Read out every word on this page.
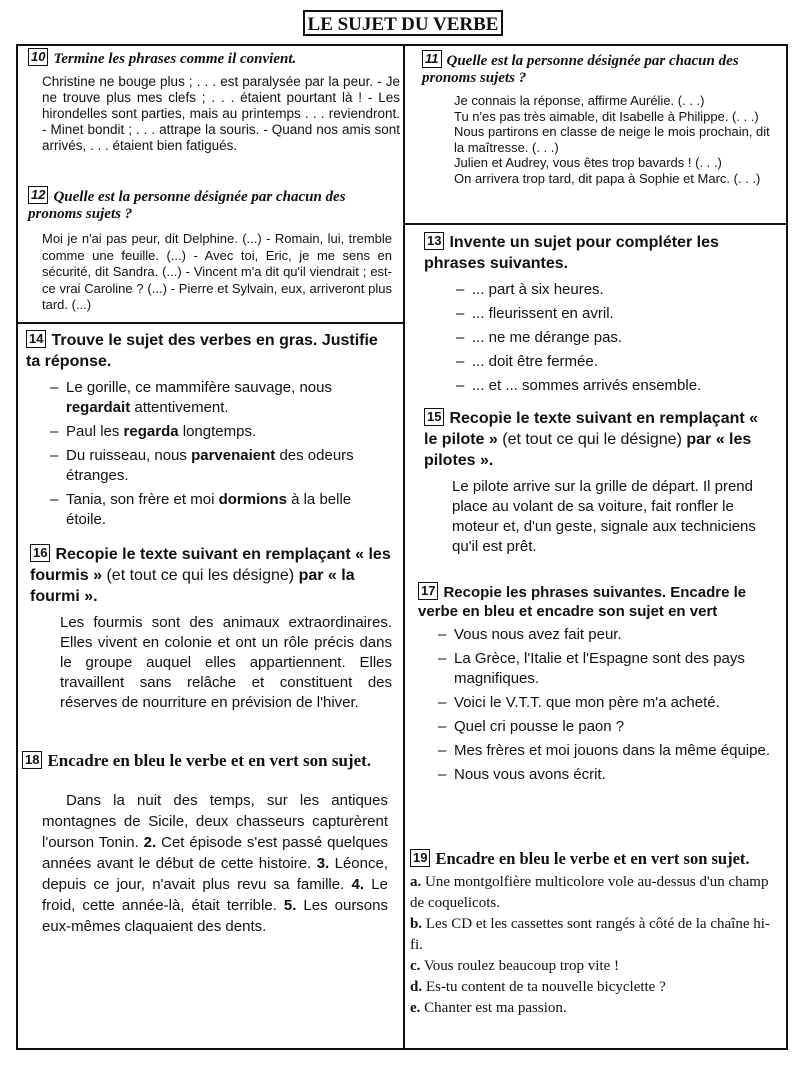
LE SUJET DU VERBE
10 Termine les phrases comme il convient.

Christine ne bouge plus ; . . . est paralysée par la peur. - Je ne trouve plus mes clefs ; . . . étaient pourtant là ! - Les hirondelles sont parties, mais au printemps . . . reviendront. - Minet bondit ; . . . attrape la souris. - Quand nos amis sont arrivés, . . . étaient bien fatigués.

12 Quelle est la personne désignée par chacun des pronoms sujets ?

Moi je n'ai pas peur, dit Delphine. (...) - Romain, lui, tremble comme une feuille. (...) - Avec toi, Eric, je me sens en sécurité, dit Sandra. (...) - Vincent m'a dit qu'il viendrait ; est-ce vrai Caroline ? (...) - Pierre et Sylvain, eux, arriveront plus tard. (...)

11 Quelle est la personne désignée par chacun des pronoms sujets ?

Je connais la réponse, affirme Aurélie. (. . .)

Tu n'es pas très aimable, dit Isabelle à Philippe. (. . .)

Nous partirons en classe de neige le mois prochain, dit la maîtresse. (. . .)

Julien et Audrey, vous êtes trop bavards ! (. . .)

On arrivera trop tard, dit papa à Sophie et Marc. (. . .)

13 Invente un sujet pour compléter les phrases suivantes.
– ... part à six heures.
– ... fleurissent en avril.
– ... ne me dérange pas.
– ... doit être fermée.
– ... et ... sommes arrivés ensemble.
14 Trouve le sujet des verbes en gras. Justifie ta réponse.
– Le gorille, ce mammifère sauvage, nous regardait attentivement.
– Paul les regarda longtemps.
– Du ruisseau, nous parvenaient des odeurs étranges.
– Tania, son frère et moi dormions à la belle étoile.
15 Recopie le texte suivant en remplaçant « le pilote » (et tout ce qui le désigne) par « les pilotes ».

Le pilote arrive sur la grille de départ. Il prend place au volant de sa voiture, fait ronfler le moteur et, d'un geste, signale aux techniciens qu'il est prêt.

16 Recopie le texte suivant en remplaçant « les fourmis » (et tout ce qui les désigne) par « la fourmi ».

Les fourmis sont des animaux extraordinaires. Elles vivent en colonie et ont un rôle précis dans le groupe auquel elles appartiennent. Elles travaillent sans relâche et constituent des réserves de nourriture en prévision de l'hiver.

17 Recopie les phrases suivantes. Encadre le verbe en bleu et encadre son sujet en vert
– Vous nous avez fait peur.
– La Grèce, l'Italie et l'Espagne sont des pays magnifiques.
– Voici le V.T.T. que mon père m'a acheté.
– Quel cri pousse le paon ?
– Mes frères et moi jouons dans la même équipe.
– Nous vous avons écrit.
18 Encadre en bleu le verbe et en vert son sujet.

Dans la nuit des temps, sur les antiques montagnes de Sicile, deux chasseurs capturèrent l'ourson Tonin. 2. Cet épisode s'est passé quelques années avant le début de cette histoire. 3. Léonce, depuis ce jour, n'avait plus revu sa famille. 4. Le froid, cette année-là, était terrible. 5. Les oursons eux-mêmes claquaient des dents.

19 Encadre en bleu le verbe et en vert son sujet.

a. Une montgolfière multicolore vole au-dessus d'un champ de coquelicots.

b. Les CD et les cassettes sont rangés à côté de la chaîne hi-fi.

c. Vous roulez beaucoup trop vite !

d. Es-tu content de ta nouvelle bicyclette ?

e. Chanter est ma passion.
